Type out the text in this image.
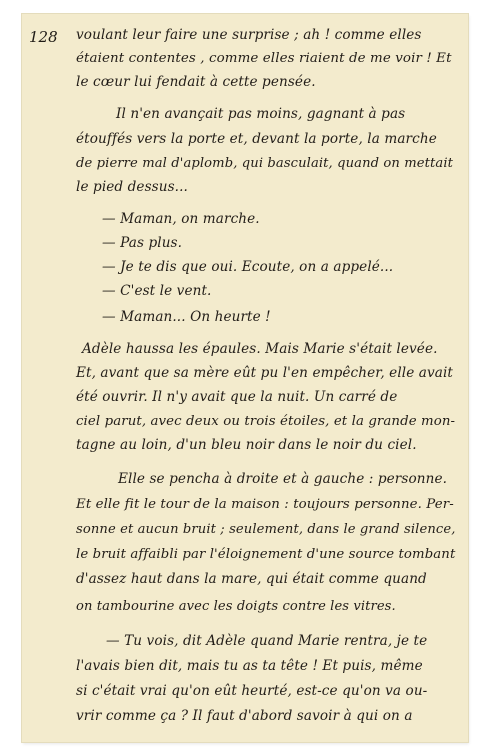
128 voulant leur faire une surprise ; ah ! comme elles
étaient contentes , comme elles riaient de me voir ! Et
le cœur lui fendait à cette pensée.
Il n'en avançait pas moins, gagnant à pas
étouffés vers la porte et, devant la porte, la marche
de pierre mal d'aplomb, qui basculait, quand on mettait
le pied dessus...
— Maman, on marche.
— Pas plus.
— Je te dis que oui. Ecoute, on a appelé...
— C'est le vent.
— Maman... On heurte !
Adèle haussa les épaules. Mais Marie s'était levée.
Et, avant que sa mère eût pu l'en empêcher, elle avait
été ouvrir. Il n'y avait que la nuit. Un carré de
ciel parut, avec deux ou trois étoiles, et la grande mon-
tagne au loin, d'un bleu noir dans le noir du ciel.
Elle se pencha à droite et à gauche : personne.
Et elle fit le tour de la maison : toujours personne. Per-
sonne et aucun bruit ; seulement, dans le grand silence,
le bruit affaibli par l'éloignement d'une source tombant
d'assez haut dans la mare, qui était comme quand
on tambourine avec les doigts contre les vitres.
— Tu vois, dit Adèle quand Marie rentra, je te
l'avais bien dit, mais tu as ta tête ! Et puis, même
si c'était vrai qu'on eût heurté, est-ce qu'on va ou-
vrir comme ça ? Il faut d'abord savoir à qui on a
